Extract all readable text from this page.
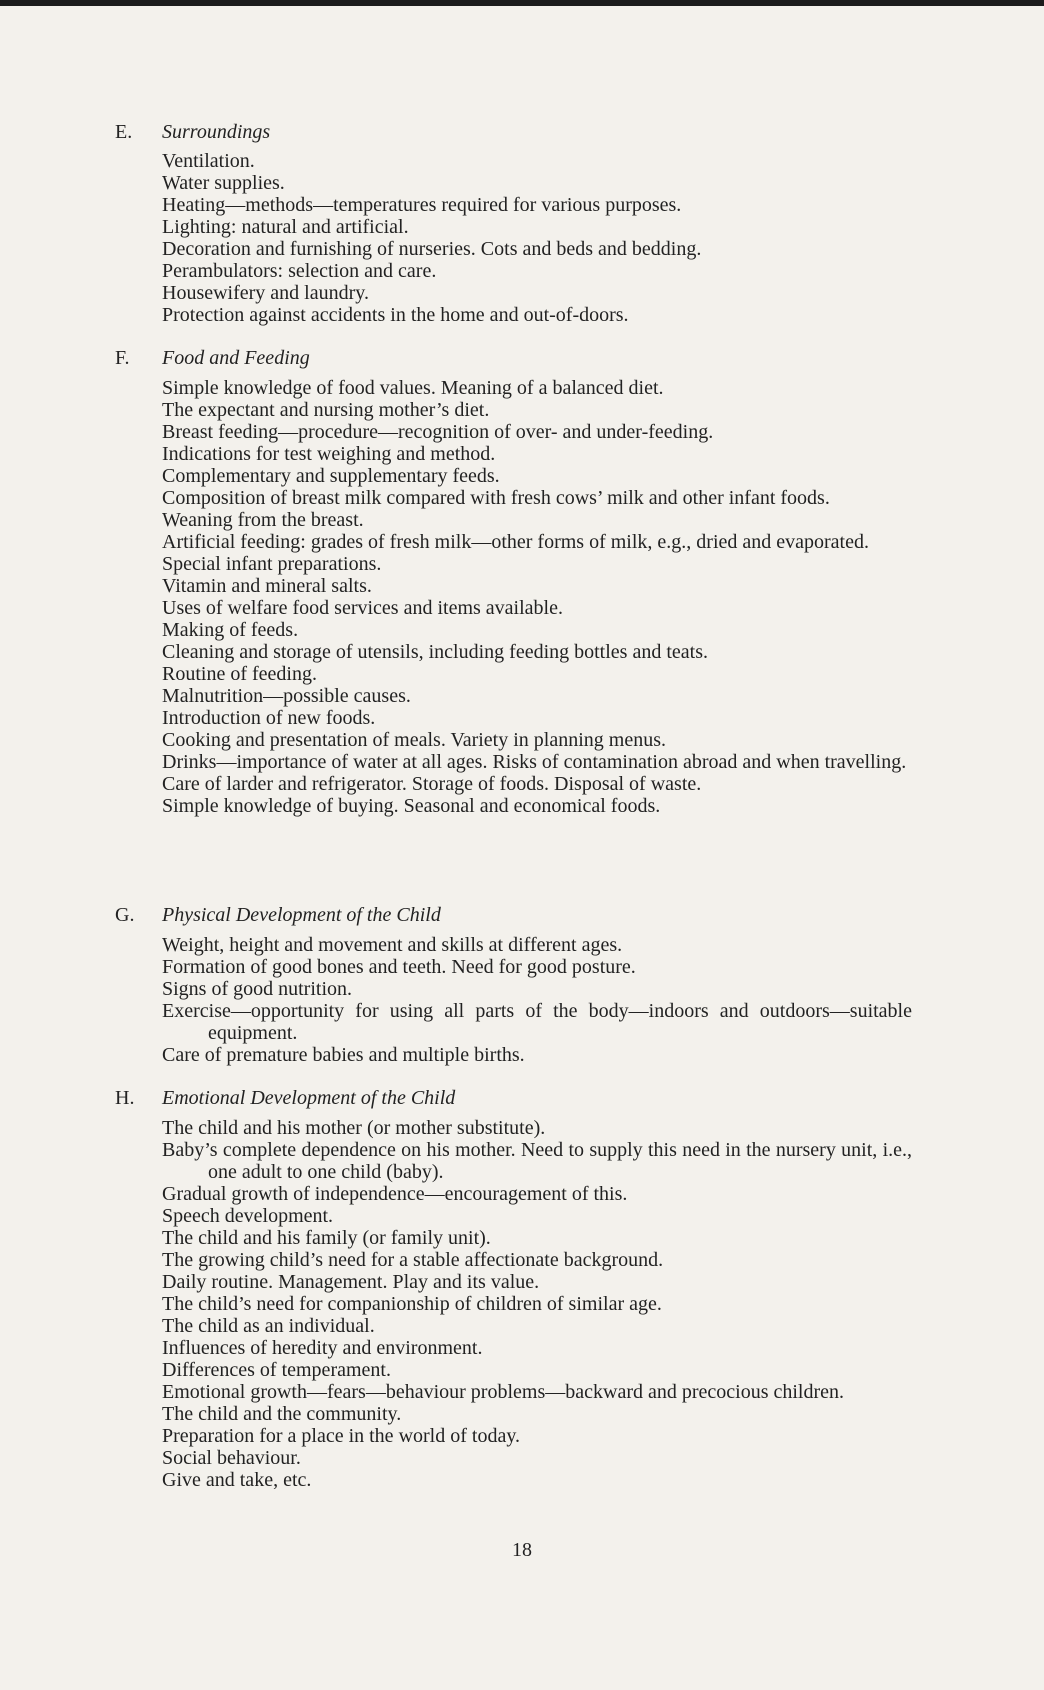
E. Surroundings
Ventilation.
Water supplies.
Heating—methods—temperatures required for various purposes.
Lighting: natural and artificial.
Decoration and furnishing of nurseries. Cots and beds and bedding.
Perambulators: selection and care.
Housewifery and laundry.
Protection against accidents in the home and out-of-doors.
F. Food and Feeding
Simple knowledge of food values. Meaning of a balanced diet.
The expectant and nursing mother’s diet.
Breast feeding—procedure—recognition of over- and under-feeding.
Indications for test weighing and method.
Complementary and supplementary feeds.
Composition of breast milk compared with fresh cows’ milk and other infant foods.
Weaning from the breast.
Artificial feeding: grades of fresh milk—other forms of milk, e.g., dried and evaporated.
Special infant preparations.
Vitamin and mineral salts.
Uses of welfare food services and items available.
Making of feeds.
Cleaning and storage of utensils, including feeding bottles and teats.
Routine of feeding.
Malnutrition—possible causes.
Introduction of new foods.
Cooking and presentation of meals. Variety in planning menus.
Drinks—importance of water at all ages. Risks of contamination abroad and when travelling.
Care of larder and refrigerator. Storage of foods. Disposal of waste.
Simple knowledge of buying. Seasonal and economical foods.
G. Physical Development of the Child
Weight, height and movement and skills at different ages.
Formation of good bones and teeth. Need for good posture.
Signs of good nutrition.
Exercise—opportunity for using all parts of the body—indoors and outdoors—suitable equipment.
Care of premature babies and multiple births.
H. Emotional Development of the Child
The child and his mother (or mother substitute).
Baby’s complete dependence on his mother. Need to supply this need in the nursery unit, i.e., one adult to one child (baby).
Gradual growth of independence—encouragement of this.
Speech development.
The child and his family (or family unit).
The growing child’s need for a stable affectionate background.
Daily routine. Management. Play and its value.
The child’s need for companionship of children of similar age.
The child as an individual.
Influences of heredity and environment.
Differences of temperament.
Emotional growth—fears—behaviour problems—backward and precocious children.
The child and the community.
Preparation for a place in the world of today.
Social behaviour.
Give and take, etc.
18
